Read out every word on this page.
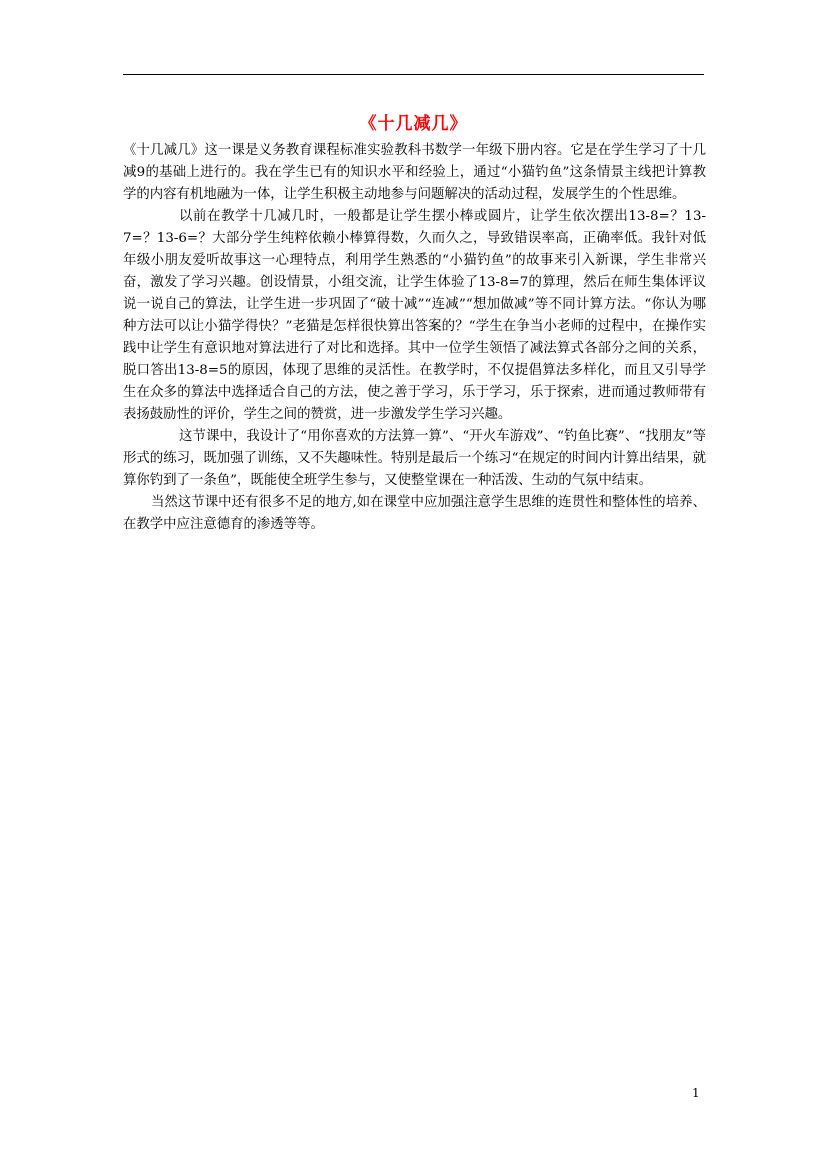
《十几减几》

《十几减几》这一课是义务教育课程标准实验教科书数学一年级下册内容。它是在学生学习了十几减9的基础上进行的。我在学生已有的知识水平和经验上，通过“小猫钓鱼”这条情景主线把计算教学的内容有机地融为一体，让学生积极主动地参与问题解决的活动过程，发展学生的个性思维。

以前在教学十几减几时，一般都是让学生摆小棒或圆片，让学生依次摆出13-8=？13-7=？13-6=？大部分学生纯粹依赖小棒算得数，久而久之，导致错误率高，正确率低。我针对低年级小朋友爱听故事这一心理特点，利用学生熟悉的“小猫钓鱼”的故事来引入新课，学生非常兴奋，激发了学习兴趣。创设情景，小组交流，让学生体验了13-8=7的算理，然后在师生集体评议说一说自己的算法，让学生进一步巩固了“破十减”“连减”“想加做减”等不同计算方法。“你认为哪种方法可以让小猫学得快？”老猫是怎样很快算出答案的？“学生在争当小老师的过程中，在操作实践中让学生有意识地对算法进行了对比和选择。其中一位学生领悟了减法算式各部分之间的关系，脱口答出13-8=5的原因，体现了思维的灵活性。在教学时，不仅提倡算法多样化，而且又引导学生在众多的算法中选择适合自己的方法，使之善于学习，乐于学习，乐于探索，进而通过教师带有表扬鼓励性的评价，学生之间的赞赏，进一步激发学生学习兴趣。

这节课中，我设计了“用你喜欢的方法算一算”、“开火车游戏”、“钓鱼比赛”、“找朋友”等形式的练习，既加强了训练，又不失趣味性。特别是最后一个练习“在规定的时间内计算出结果，就算你钓到了一条鱼”，既能使全班学生参与，又使整堂课在一种活泼、生动的气氛中结束。

当然这节课中还有很多不足的地方,如在课堂中应加强注意学生思维的连贯性和整体性的培养、在教学中应注意德育的渗透等等。

1
